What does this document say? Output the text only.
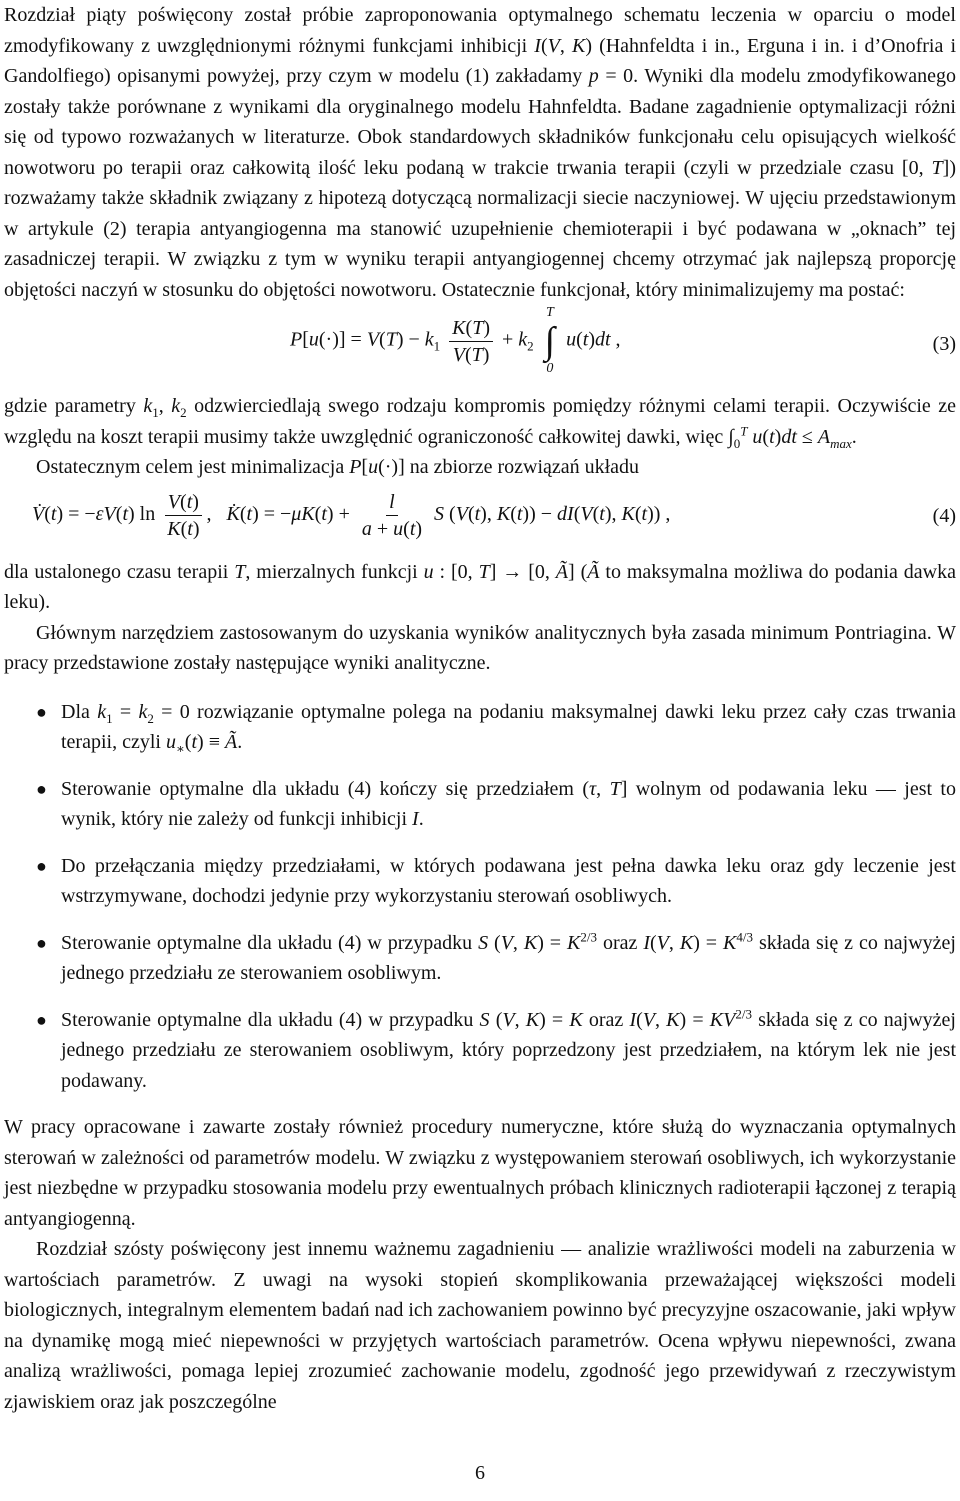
Rozdział piąty poświęcony został próbie zaproponowania optymalnego schematu leczenia w oparciu o model zmodyfikowany z uwzględnionymi różnymi funkcjami inhibicji I(V, K) (Hahnfeldta i in., Erguna i in. i d’Onofria i Gandolfiego) opisanymi powyżej, przy czym w modelu (1) zakładamy p = 0. Wyniki dla modelu zmodyfikowanego zostały także porównane z wynikami dla oryginalnego modelu Hahnfeldta. Badane zagadnienie optymalizacji różni się od typowo rozważanych w literaturze. Obok standardowych składników funkcjonału celu opisujących wielkość nowotworu po terapii oraz całkowitą ilość leku podaną w trakcie trwania terapii (czyli w przedziale czasu [0, T]) rozważamy także składnik związany z hipotezą dotyczącą normalizacji siecie naczyniowej. W ujęciu przedstawionym w artykule (2) terapia antyangiogenna ma stanowić uzupełnienie chemioterapii i być podawana w „oknach” tej zasadniczej terapii. W związku z tym w wyniku terapii antyangiogennej chcemy otrzymać jak najlepszą proporcję objętości naczyń w stosunku do objętości nowotworu. Ostatecznie funkcjonał, który minimalizujemy ma postać:

$P[u(\cdot)] = V(T) - k_1 \frac{K(T)}{V(T)} + k_2$
T
∫
0
u(t)dt ,	(3)

gdzie parametry $k_1$, $k_2$ odzwierciedlają swego rodzaju kompromis pomiędzy różnymi celami terapii. Oczywiście ze względu na koszt terapii musimy także uwzględnić ograniczoność całkowitej dawki, więc $\int_0^T$ $u(t)dt \le A_{max}$.

Ostatecznym celem jest minimalizacja P[u(·)] na zbiorze rozwiązań układu

V̇(t) = −εV(t) $\ln \frac{V(t)}{K(t)}$ ,   K̇(t) = $-\mu K(t) + \frac{l}{a + u(t)}$ S (V(t), K(t)) − dI(V(t), K(t)) ,	(4)

dla ustalonego czasu terapii T, mierzalnych funkcji u : [0, T] → [0, Ã] (Ã to maksymalna możliwa do podania dawka leku).

Głównym narzędziem zastosowanym do uzyskania wyników analitycznych była zasada minimum Pontriagina. W pracy przedstawione zostały następujące wyniki analityczne.

● Dla $k_1 = k_2 = 0$ rozwiązanie optymalne polega na podaniu maksymalnej dawki leku przez cały czas trwania terapii, czyli $u_∗(t)$ ≡ Ã.
● Sterowanie optymalne dla układu (4) kończy się przedziałem (τ, T] wolnym od podawania leku — jest to wynik, który nie zależy od funkcji inhibicji I.
● Do przełączania między przedziałami, w których podawana jest pełna dawka leku oraz gdy leczenie jest wstrzymywane, dochodzi jedynie przy wykorzystaniu sterowań osobliwych.
● Sterowanie optymalne dla układu (4) w przypadku S (V, $K) = K^{2/3}$ oraz I(V, $K) = K^{4/3}$ składa się z co najwyżej jednego przedziału ze sterowaniem osobliwym.
● Sterowanie optymalne dla układu (4) w przypadku S (V, K) = K oraz I(V, $K) = KV^{2/3}$ składa się z co najwyżej jednego przedziału ze sterowaniem osobliwym, który poprzedzony jest przedziałem, na którym lek nie jest podawany.

W pracy opracowane i zawarte zostały również procedury numeryczne, które służą do wyznaczania optymalnych sterowań w zależności od parametrów modelu. W związku z występowaniem sterowań osobliwych, ich wykorzystanie jest niezbędne w przypadku stosowania modelu przy ewentualnych próbach klinicznych radioterapii łączonej z terapią antyangiogenną.

Rozdział szósty poświęcony jest innemu ważnemu zagadnieniu — analizie wrażliwości modeli na zaburzenia w wartościach parametrów. Z uwagi na wysoki stopień skomplikowania przeważającej większości modeli biologicznych, integralnym elementem badań nad ich zachowaniem powinno być precyzyjne oszacowanie, jaki wpływ na dynamikę mogą mieć niepewności w przyjętych wartościach parametrów. Ocena wpływu niepewności, zwana analizą wrażliwości, pomaga lepiej zrozumieć zachowanie modelu, zgodność jego przewidywań z rzeczywistym zjawiskiem oraz jak poszczególne

6
